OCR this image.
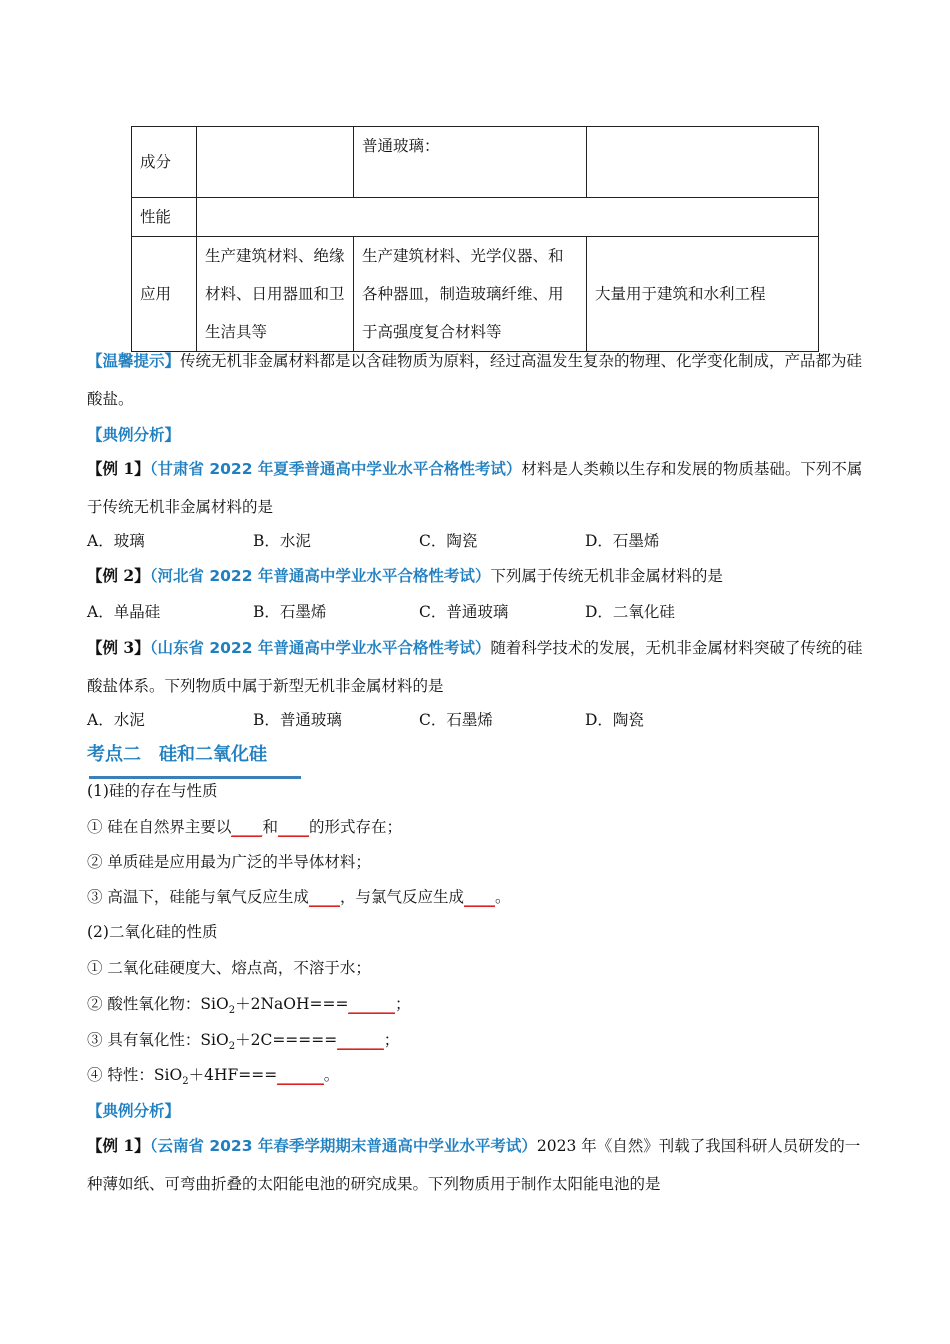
成分		普通玻璃：	
性能			
应用	生产建筑材料、绝缘材料、日用器皿和卫生洁具等	生产建筑材料、光学仪器、和各种器皿，制造玻璃纤维、用于高强度复合材料等	大量用于建筑和水利工程
【温馨提示】传统无机非金属材料都是以含硅物质为原料，经过高温发生复杂的物理、化学变化制成，产品都为硅酸盐。
【典例分析】
【例 1】（甘肃省 2022 年夏季普通高中学业水平合格性考试）材料是人类赖以生存和发展的物质基础。下列不属于传统无机非金属材料的是
A．玻璃	B．水泥	C．陶瓷	D．石墨烯
【例 2】（河北省 2022 年普通高中学业水平合格性考试）下列属于传统无机非金属材料的是
A．单晶硅	B．石墨烯	C．普通玻璃	D．二氧化硅
【例 3】（山东省 2022 年普通高中学业水平合格性考试）随着科学技术的发展，无机非金属材料突破了传统的硅酸盐体系。下列物质中属于新型无机非金属材料的是
A．水泥	B．普通玻璃	C．石墨烯	D．陶瓷
考点二　硅和二氧化硅
(1)硅的存在与性质
① 硅在自然界主要以____和____的形式存在；
② 单质硅是应用最为广泛的半导体材料；
③ 高温下，硅能与氧气反应生成____，与氯气反应生成____。
(2)二氧化硅的性质
① 二氧化硅硬度大、熔点高，不溶于水；
② 酸性氧化物：SiO$_2$＋2NaOH===______；
③ 具有氧化性：SiO$_2$＋2C=====______；
④ 特性：SiO$_2$＋4HF===______。
【典例分析】
【例 1】（云南省 2023 年春季学期期末普通高中学业水平考试）2023 年《自然》刊载了我国科研人员研发的一种薄如纸、可弯曲折叠的太阳能电池的研究成果。下列物质用于制作太阳能电池的是
